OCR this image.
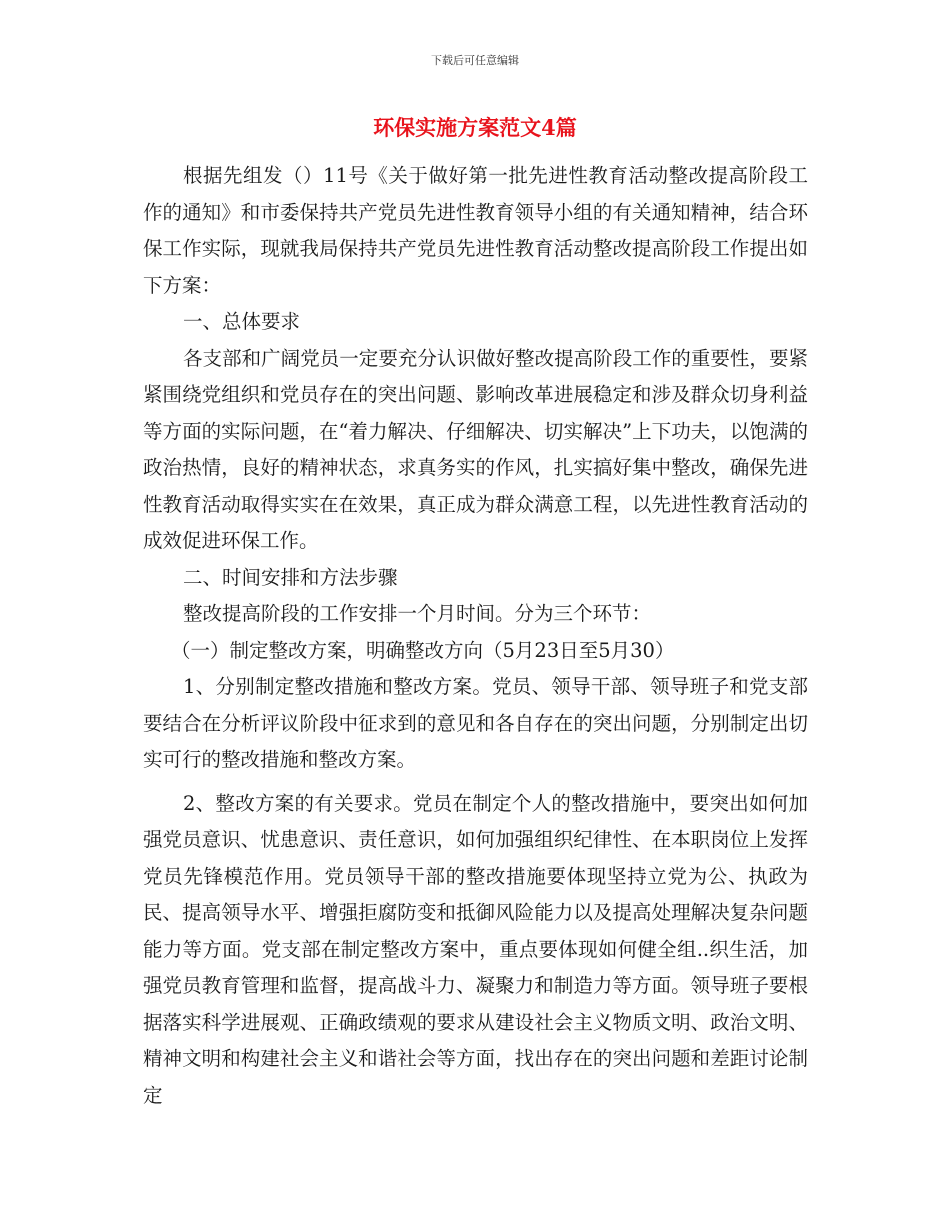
下载后可任意编辑
环保实施方案范文4篇

根据先组发（）11号《关于做好第一批先进性教育活动整改提高阶段工作的通知》和市委保持共产党员先进性教育领导小组的有关通知精神，结合环保工作实际，现就我局保持共产党员先进性教育活动整改提高阶段工作提出如下方案：

一、总体要求

各支部和广阔党员一定要充分认识做好整改提高阶段工作的重要性，要紧紧围绕党组织和党员存在的突出问题、影响改革进展稳定和涉及群众切身利益等方面的实际问题，在“着力解决、仔细解决、切实解决”上下功夫，以饱满的政治热情，良好的精神状态，求真务实的作风，扎实搞好集中整改，确保先进性教育活动取得实实在在效果，真正成为群众满意工程，以先进性教育活动的成效促进环保工作。

二、时间安排和方法步骤

整改提高阶段的工作安排一个月时间。分为三个环节：

（一）制定整改方案，明确整改方向（5月23日至5月30）

1、分别制定整改措施和整改方案。党员、领导干部、领导班子和党支部要结合在分析评议阶段中征求到的意见和各自存在的突出问题，分别制定出切实可行的整改措施和整改方案。

2、整改方案的有关要求。党员在制定个人的整改措施中，要突出如何加强党员意识、忧患意识、责任意识，如何加强组织纪律性、在本职岗位上发挥党员先锋模范作用。党员领导干部的整改措施要体现坚持立党为公、执政为民、提高领导水平、增强拒腐防变和抵御风险能力以及提高处理解决复杂问题能力等方面。党支部在制定整改方案中，重点要体现如何健全组..织生活，加强党员教育管理和监督，提高战斗力、凝聚力和制造力等方面。领导班子要根据落实科学进展观、正确政绩观的要求从建设社会主义物质文明、政治文明、精神文明和构建社会主义和谐社会等方面，找出存在的突出问题和差距讨论制定
